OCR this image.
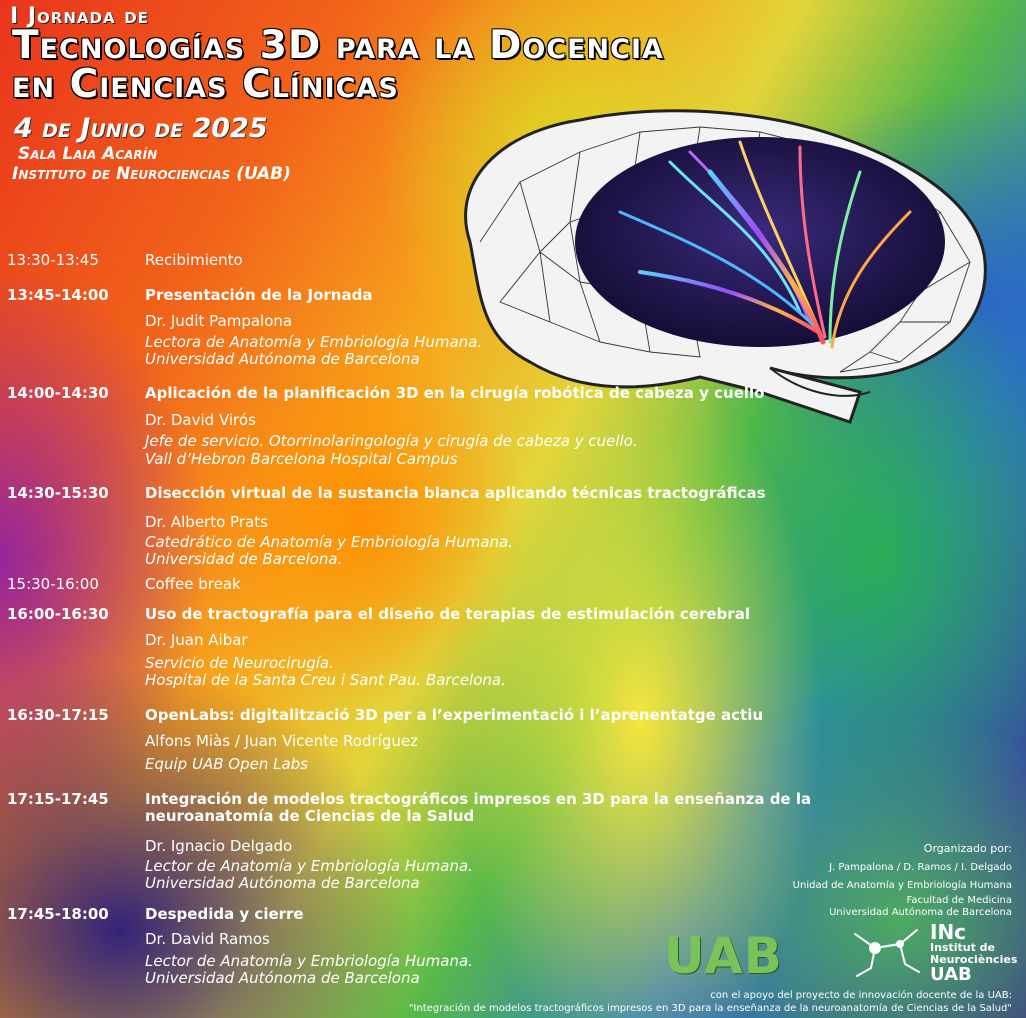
I Jornada de
Tecnologías 3D para la Docencia
en Ciencias Clínicas
4 de Junio de 2025
Sala Laia Acarín
Instituto de Neurociencias (UAB)
13:30-13:45	Recibimiento
13:45-14:00	Presentación de la Jornada
Dr. Judit Pampalona
Lectora de Anatomía y Embriología Humana.
Universidad Autónoma de Barcelona
14:00-14:30	Aplicación de la planificación 3D en la cirugía robótica de cabeza y cuello
Dr. David Virós
Jefe de servicio. Otorrinolaringología y cirugía de cabeza y cuello.
Vall d’Hebron Barcelona Hospital Campus
14:30-15:30	Disección virtual de la sustancia blanca aplicando técnicas tractográficas
Dr. Alberto Prats
Catedrático de Anatomía y Embriología Humana.
Universidad de Barcelona.
15:30-16:00	Coffee break
16:00-16:30	Uso de tractografía para el diseño de terapias de estimulación cerebral
Dr. Juan Aibar
Servicio de Neurocirugía.
Hospital de la Santa Creu i Sant Pau. Barcelona.
16:30-17:15	OpenLabs: digitalització 3D per a l’experimentació i l’aprenentatge actiu
Alfons Miàs / Juan Vicente Rodríguez
Equip UAB Open Labs
17:15-17:45	Integración de modelos tractográficos impresos en 3D para la enseñanza de la
neuroanatomía de Ciencias de la Salud
Dr. Ignacio Delgado
Lector de Anatomía y Embriología Humana.
Universidad Autónoma de Barcelona
17:45-18:00	Despedida y cierre
Dr. David Ramos
Lector de Anatomía y Embriología Humana.
Universidad Autónoma de Barcelona
Organizado por:
J. Pampalona / D. Ramos / I. Delgado
Unidad de Anatomía y Embriología Humana
Facultad de Medicina
Universidad Autónoma de Barcelona
UAB	INc
Institut de
Neurociències
UAB
con el apoyo del proyecto de innovación docente de la UAB:
"Integración de modelos tractográficos impresos en 3D para la enseñanza de la neuroanatomía de Ciencias de la Salud"
